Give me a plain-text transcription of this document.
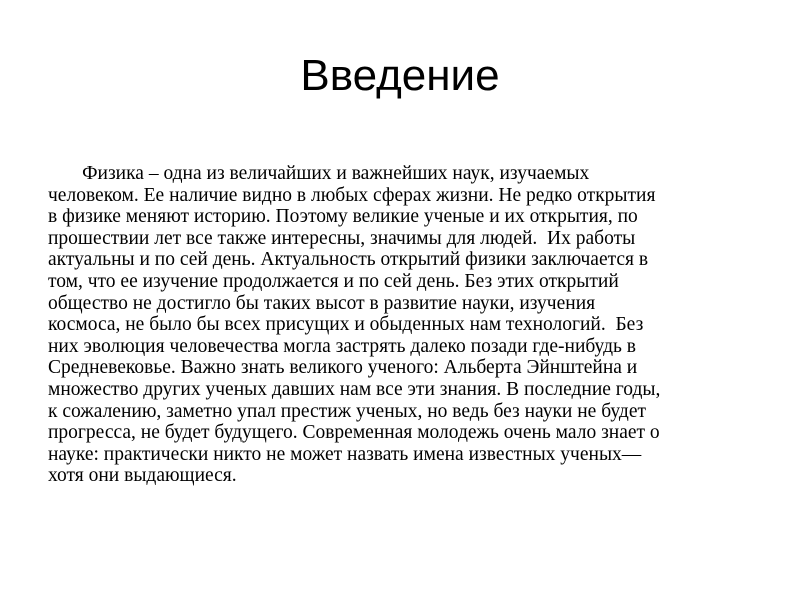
Введение
Физика – одна из величайших и важнейших наук, изучаемых
человеком. Ее наличие видно в любых сферах жизни. Не редко открытия
в физике меняют историю. Поэтому великие ученые и их открытия, по
прошествии лет все также интересны, значимы для людей.  Их работы
актуальны и по сей день. Актуальность открытий физики заключается в
том, что ее изучение продолжается и по сей день. Без этих открытий
общество не достигло бы таких высот в развитие науки, изучения
космоса, не было бы всех присущих и обыденных нам технологий.  Без
них эволюция человечества могла застрять далеко позади где-нибудь в
Средневековье. Важно знать великого ученого: Альберта Эйнштейна и
множество других ученых давших нам все эти знания. В последние годы,
к сожалению, заметно упал престиж ученых, но ведь без науки не будет
прогресса, не будет будущего. Современная молодежь очень мало знает о
науке: практически никто не может назвать имена известных ученых—
хотя они выдающиеся.
